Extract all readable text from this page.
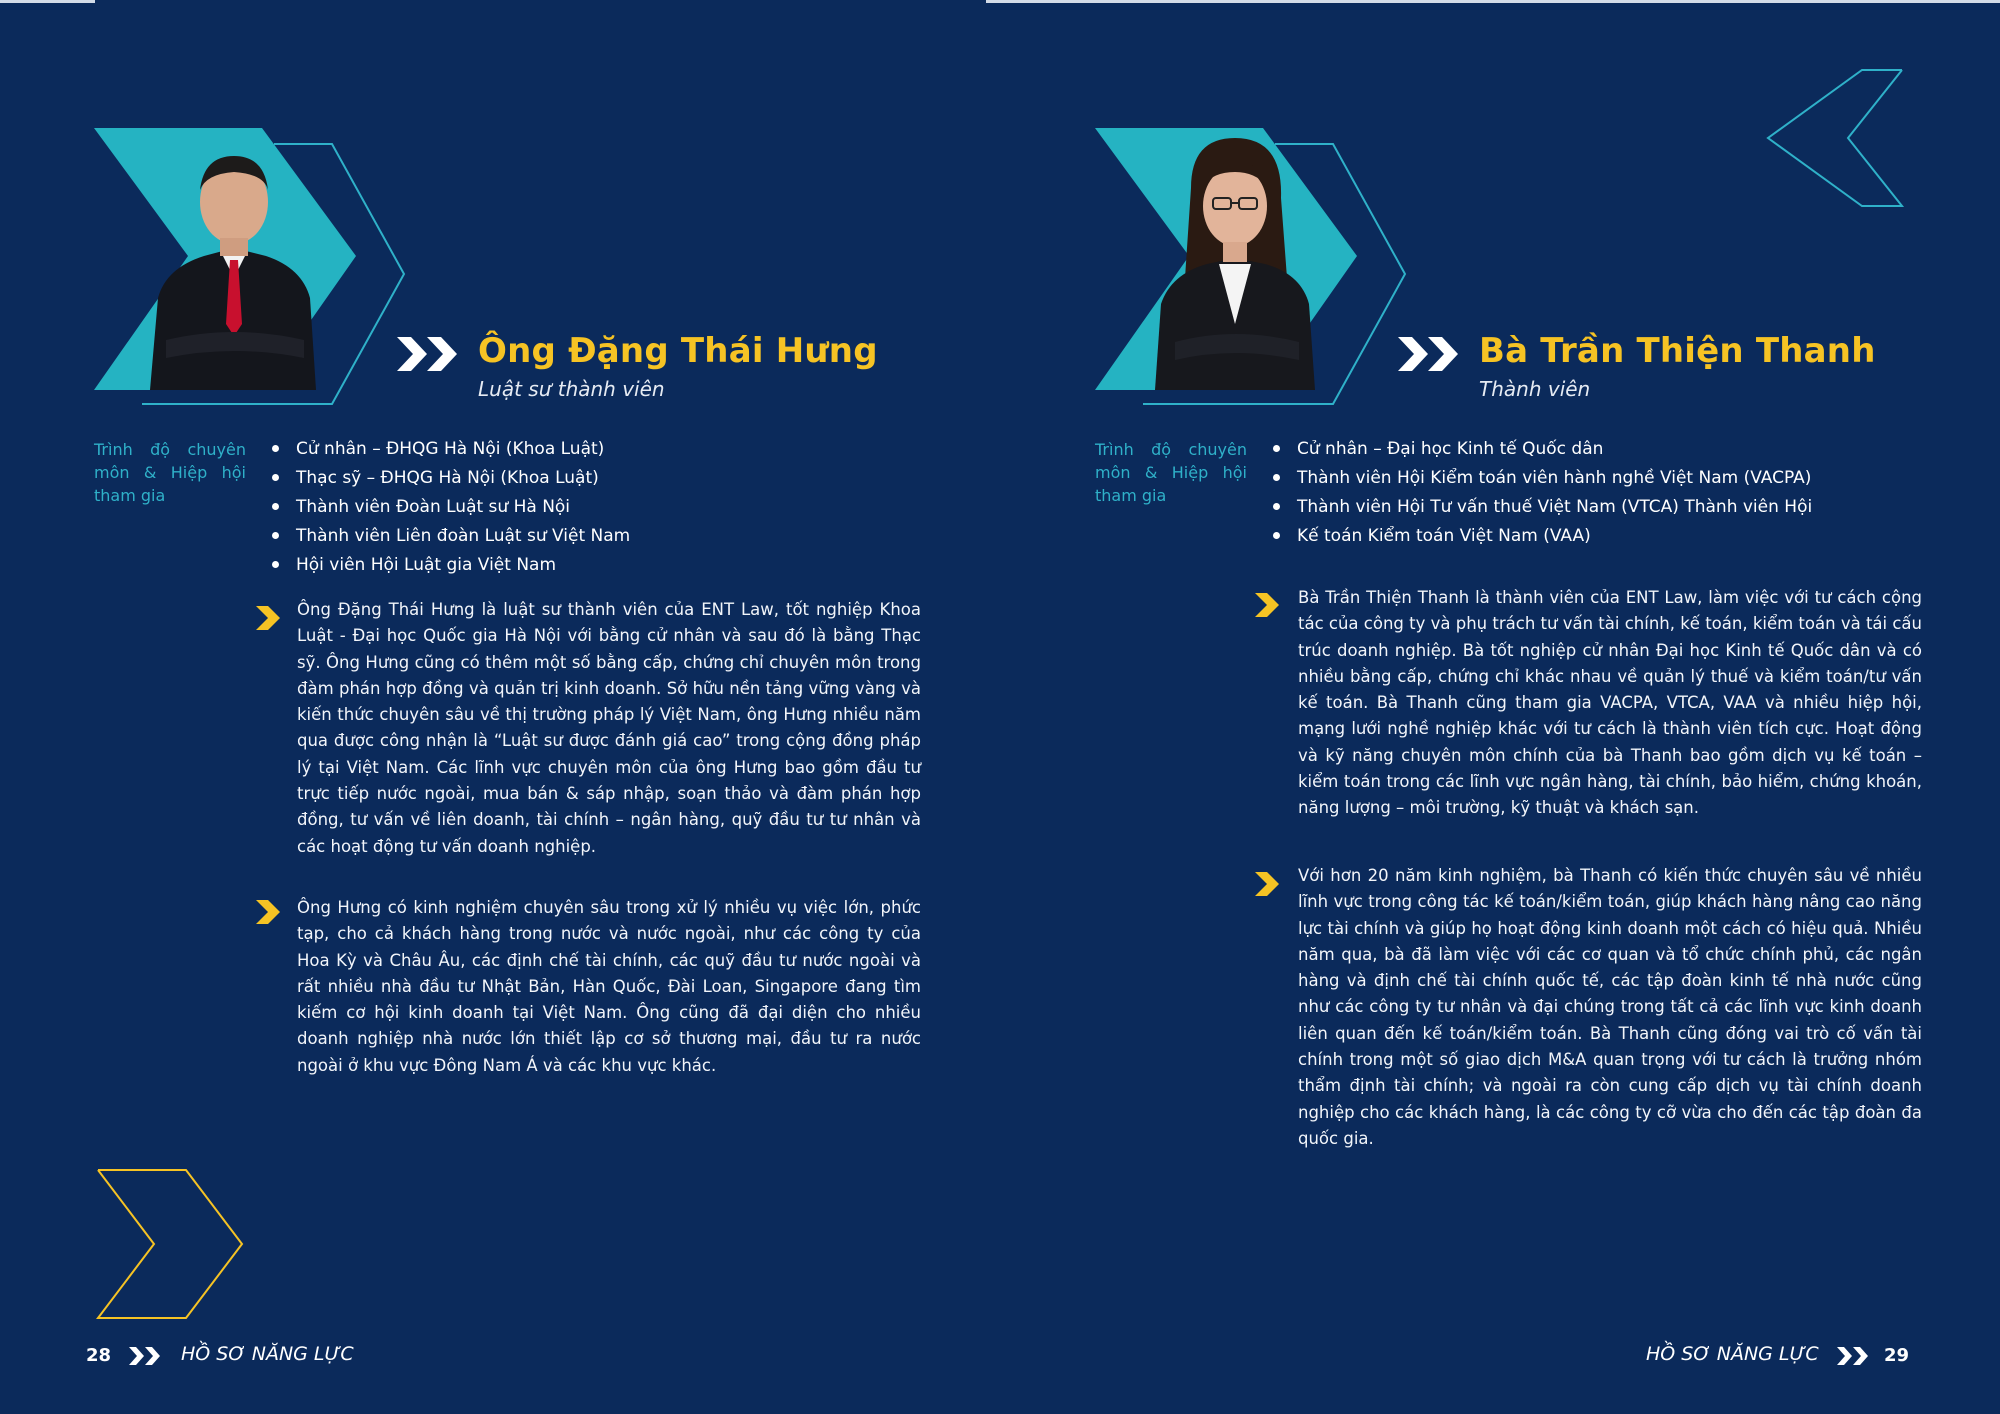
Ông Đặng Thái Hưng
Luật sư thành viên
Trình độ chuyên môn & Hiệp hội tham gia
Cử nhân – ĐHQG Hà Nội (Khoa Luật)
Thạc sỹ – ĐHQG Hà Nội (Khoa Luật)
Thành viên Đoàn Luật sư Hà Nội
Thành viên Liên đoàn Luật sư Việt Nam
Hội viên Hội Luật gia Việt Nam
Ông Đặng Thái Hưng là luật sư thành viên của ENT Law, tốt nghiệp Khoa Luật - Đại học Quốc gia Hà Nội với bằng cử nhân và sau đó là bằng Thạc sỹ. Ông Hưng cũng có thêm một số bằng cấp, chứng chỉ chuyên môn trong đàm phán hợp đồng và quản trị kinh doanh. Sở hữu nền tảng vững vàng và kiến thức chuyên sâu về thị trường pháp lý Việt Nam, ông Hưng nhiều năm qua được công nhận là “Luật sư được đánh giá cao” trong cộng đồng pháp lý tại Việt Nam. Các lĩnh vực chuyên môn của ông Hưng bao gồm đầu tư trực tiếp nước ngoài, mua bán & sáp nhập, soạn thảo và đàm phán hợp đồng, tư vấn về liên doanh, tài chính – ngân hàng, quỹ đầu tư tư nhân và các hoạt động tư vấn doanh nghiệp.
Ông Hưng có kinh nghiệm chuyên sâu trong xử lý nhiều vụ việc lớn, phức tạp, cho cả khách hàng trong nước và nước ngoài, như các công ty của Hoa Kỳ và Châu Âu, các định chế tài chính, các quỹ đầu tư nước ngoài và rất nhiều nhà đầu tư Nhật Bản, Hàn Quốc, Đài Loan, Singapore đang tìm kiếm cơ hội kinh doanh tại Việt Nam. Ông cũng đã đại diện cho nhiều doanh nghiệp nhà nước lớn thiết lập cơ sở thương mại, đầu tư ra nước ngoài ở khu vực Đông Nam Á và các khu vực khác.
28	HỒ SƠ NĂNG LỰC
Bà Trần Thiện Thanh
Thành viên
Trình độ chuyên môn & Hiệp hội tham gia
Cử nhân – Đại học Kinh tế Quốc dân
Thành viên Hội Kiểm toán viên hành nghề Việt Nam (VACPA)
Thành viên Hội Tư vấn thuế Việt Nam (VTCA) Thành viên Hội
Kế toán Kiểm toán Việt Nam (VAA)
Bà Trần Thiện Thanh là thành viên của ENT Law, làm việc với tư cách cộng tác của công ty và phụ trách tư vấn tài chính, kế toán, kiểm toán và tái cấu trúc doanh nghiệp. Bà tốt nghiệp cử nhân Đại học Kinh tế Quốc dân và có nhiều bằng cấp, chứng chỉ khác nhau về quản lý thuế và kiểm toán/tư vấn kế toán. Bà Thanh cũng tham gia VACPA, VTCA, VAA và nhiều hiệp hội, mạng lưới nghề nghiệp khác với tư cách là thành viên tích cực. Hoạt động và kỹ năng chuyên môn chính của bà Thanh bao gồm dịch vụ kế toán – kiểm toán trong các lĩnh vực ngân hàng, tài chính, bảo hiểm, chứng khoán, năng lượng – môi trường, kỹ thuật và khách sạn.
Với hơn 20 năm kinh nghiệm, bà Thanh có kiến thức chuyên sâu về nhiều lĩnh vực trong công tác kế toán/kiểm toán, giúp khách hàng nâng cao năng lực tài chính và giúp họ hoạt động kinh doanh một cách có hiệu quả. Nhiều năm qua, bà đã làm việc với các cơ quan và tổ chức chính phủ, các ngân hàng và định chế tài chính quốc tế, các tập đoàn kinh tế nhà nước cũng như các công ty tư nhân và đại chúng trong tất cả các lĩnh vực kinh doanh liên quan đến kế toán/kiểm toán. Bà Thanh cũng đóng vai trò cố vấn tài chính trong một số giao dịch M&A quan trọng với tư cách là trưởng nhóm thẩm định tài chính; và ngoài ra còn cung cấp dịch vụ tài chính doanh nghiệp cho các khách hàng, là các công ty cỡ vừa cho đến các tập đoàn đa quốc gia.
HỒ SƠ NĂNG LỰC	29
